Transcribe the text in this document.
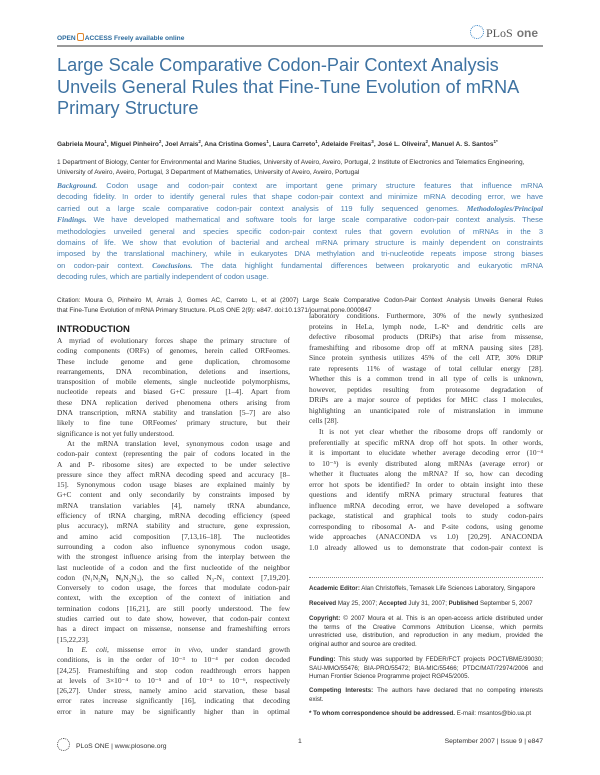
OPEN ACCESS Freely available online	PLoS one
Large Scale Comparative Codon-Pair Context Analysis Unveils General Rules that Fine-Tune Evolution of mRNA Primary Structure
Gabriela Moura$^1$, Miguel Pinheiro$^2$, Joel Arrais$^2$, Ana Cristina Gomes$^1$, Laura Carreto$^1$, Adelaide Freitas$^3$, José L. Oliveira$^2$, Manuel A. S. Santos$^{1*}$
1 Department of Biology, Center for Environmental and Marine Studies, University of Aveiro, Aveiro, Portugal, 2 Institute of Electronics and Telematics Engineering, University of Aveiro, Aveiro, Portugal, 3 Department of Mathematics, University of Aveiro, Aveiro, Portugal
Background. Codon usage and codon-pair context are important gene primary structure features that influence mRNA
decoding fidelity. In order to identify general rules that shape codon-pair context and minimize mRNA decoding error, we have
carried out a large scale comparative codon-pair context analysis of 119 fully sequenced genomes. Methodologies/Principal
Findings. We have developed mathematical and software tools for large scale comparative codon-pair context analysis. These
methodologies unveiled general and species specific codon-pair context rules that govern evolution of mRNAs in the 3
domains of life. We show that evolution of bacterial and archeal mRNA primary structure is mainly dependent on constraints
imposed by the translational machinery, while in eukaryotes DNA methylation and tri-nucleotide repeats impose strong biases
on codon-pair context. Conclusions. The data highlight fundamental differences between prokaryotic and eukaryotic mRNA
decoding rules, which are partially independent of codon usage.
Citation: Moura G, Pinheiro M, Arrais J, Gomes AC, Carreto L, et al (2007) Large Scale Comparative Codon-Pair Context Analysis Unveils General Rules
that Fine-Tune Evolution of mRNA Primary Structure. PLoS ONE 2(9): e847. doi:10.1371/journal.pone.0000847
INTRODUCTION
A myriad of evolutionary forces shape the primary structure of
coding components (ORFs) of genomes, herein called ORFeomes.
These include genome and gene duplication, chromosome
rearrangements, DNA recombination, deletions and insertions,
transposition of mobile elements, single nucleotide polymorphisms,
nucleotide repeats and biased G+C pressure [1–4]. Apart from
these DNA replication derived phenomena others arising from
DNA transcription, mRNA stability and translation [5–7] are also
likely to fine tune ORFeomes' primary structure, but their
significance is not yet fully understood.
At the mRNA translation level, synonymous codon usage and
codon-pair context (representing the pair of codons located in the
A and P- ribosome sites) are expected to be under selective
pressure since they affect mRNA decoding speed and accuracy [8–
15]. Synonymous codon usage biases are explained mainly by
G+C content and only secondarily by constraints imposed by
mRNA translation variables [4], namely tRNA abundance,
efficiency of tRNA charging, mRNA decoding efficiency (speed
plus accuracy), mRNA stability and structure, gene expression,
and amino acid composition [7,13,16–18]. The nucleotides
surrounding a codon also influence synonymous codon usage,
with the strongest influence arising from the interplay between the
last nucleotide of a codon and the first nucleotide of the neighbor
codon (N₁N₂N₃ N₁N₂N₃), the so called N₃-N₁ context [7,19,20].
Conversely to codon usage, the forces that modulate codon-pair
context, with the exception of the context of initiation and
termination codons [16,21], are still poorly understood. The few
studies carried out to date show, however, that codon-pair context
has a direct impact on missense, nonsense and frameshifting errors
[15,22,23].
In E. coli, missense error in vivo, under standard growth
conditions, is in the order of 10⁻³ to 10⁻⁴ per codon decoded
[24,25]. Frameshifting and stop codon readthrough errors happen
at levels of 3×10⁻⁴ to 10⁻⁵ and of 10⁻³ to 10⁻⁶, respectively
[26,27]. Under stress, namely amino acid starvation, these basal
error rates increase significantly [16], indicating that decoding
error in nature may be significantly higher than in optimal
laboratory conditions. Furthermore, 30% of the newly synthesized
proteins in HeLa, lymph node, L-Kᵇ and dendritic cells are
defective ribosomal products (DRiPs) that arise from missense,
frameshifting and ribosome drop off at mRNA pausing sites [28].
Since protein synthesis utilizes 45% of the cell ATP, 30% DRiP
rate represents 11% of wastage of total cellular energy [28].
Whether this is a common trend in all type of cells is unknown,
however, peptides resulting from proteasome degradation of
DRiPs are a major source of peptides for MHC class I molecules,
highlighting an unanticipated role of mistranslation in immune
cells [28].
It is not yet clear whether the ribosome drops off randomly or
preferentially at specific mRNA drop off hot spots. In other words,
it is important to elucidate whether average decoding error (10⁻⁴
to 10⁻⁵) is evenly distributed along mRNAs (average error) or
whether it fluctuates along the mRNA? If so, how can decoding
error hot spots be identified? In order to obtain insight into these
questions and identify mRNA primary structural features that
influence mRNA decoding error, we have developed a software
package, statistical and graphical tools to study codon-pairs
corresponding to ribosomal A- and P-site codons, using genome
wide approaches (ANACONDA vs 1.0) [20,29]. ANACONDA
1.0 already allowed us to demonstrate that codon-pair context is
Academic Editor: Alan Christoffels, Temasek Life Sciences Laboratory, Singapore
Received May 25, 2007; Accepted July 31, 2007; Published September 5, 2007
Copyright: © 2007 Moura et al. This is an open-access article distributed under
the terms of the Creative Commons Attribution License, which permits
unrestricted use, distribution, and reproduction in any medium, provided the
original author and source are credited.
Funding: This study was supported by FEDER/FCT projects POCTI/BME/39030;
SAU-MMO/55476; BIA-PRO/55472; BIA-MIC/55466; PTDC/MAT/72974/2006 and
Human Frontier Science Programme project RGP45/2005.
Competing Interests: The authors have declared that no competing interests
exist.
* To whom correspondence should be addressed. E-mail: msantos@bio.ua.pt
PLoS ONE | www.plosone.org
1	September 2007 | Issue 9 | e847
